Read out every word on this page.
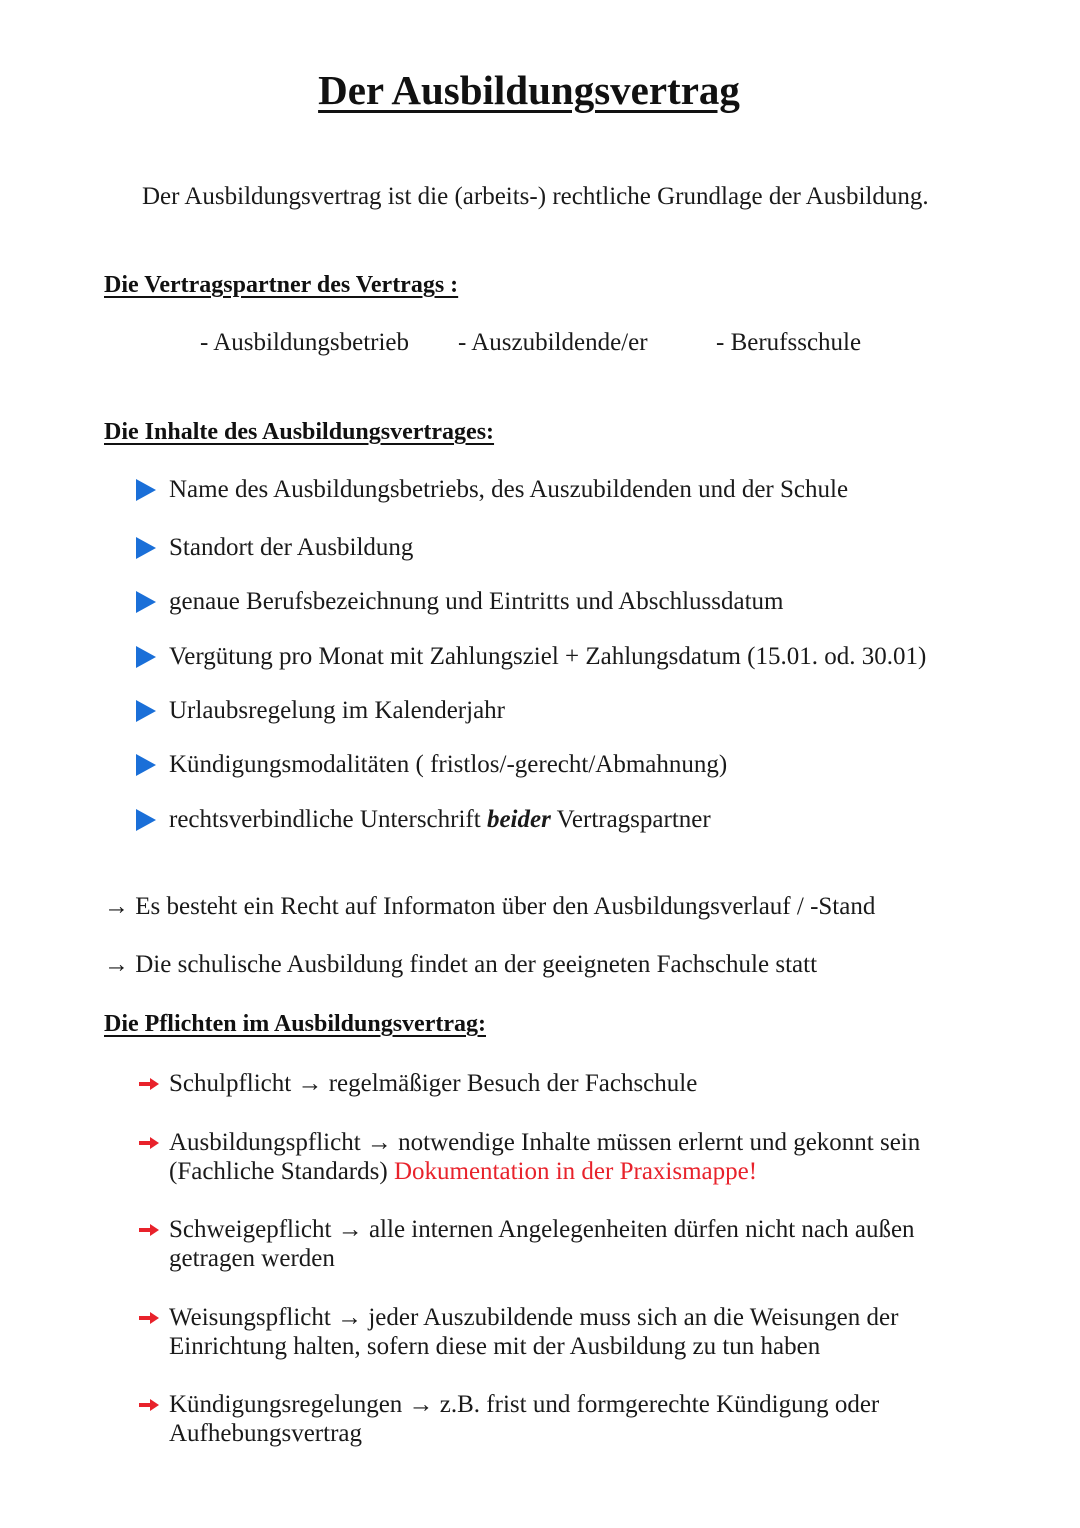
Der Ausbildungsvertrag
Der Ausbildungsvertrag ist die (arbeits-) rechtliche Grundlage der Ausbildung.
Die Vertragspartner des Vertrags :
- Ausbildungsbetrieb - Auszubildende/er	- Berufsschule
Die Inhalte des Ausbildungsvertrages:
Name des Ausbildungsbetriebs, des Auszubildenden und der Schule
Standort der Ausbildung
genaue Berufsbezeichnung und Eintritts und Abschlussdatum
Vergütung pro Monat mit Zahlungsziel + Zahlungsdatum (15.01. od. 30.01)
Urlaubsregelung im Kalenderjahr
Kündigungsmodalitäten ( fristlos/-gerecht/Abmahnung)
rechtsverbindliche Unterschrift beider Vertragspartner
→ Es besteht ein Recht auf Informaton über den Ausbildungsverlauf / -Stand
→ Die schulische Ausbildung findet an der geeigneten Fachschule statt
Die Pflichten im Ausbildungsvertrag:
Schulpflicht → regelmäßiger Besuch der Fachschule
Ausbildungspflicht → notwendige Inhalte müssen erlernt und gekonnt sein (Fachliche Standards) Dokumentation in der Praxismappe!
Schweigepflicht → alle internen Angelegenheiten dürfen nicht nach außen getragen werden
Weisungspflicht → jeder Auszubildende muss sich an die Weisungen der Einrichtung halten, sofern diese mit der Ausbildung zu tun haben
Kündigungsregelungen → z.B. frist und formgerechte Kündigung oder Aufhebungsvertrag
